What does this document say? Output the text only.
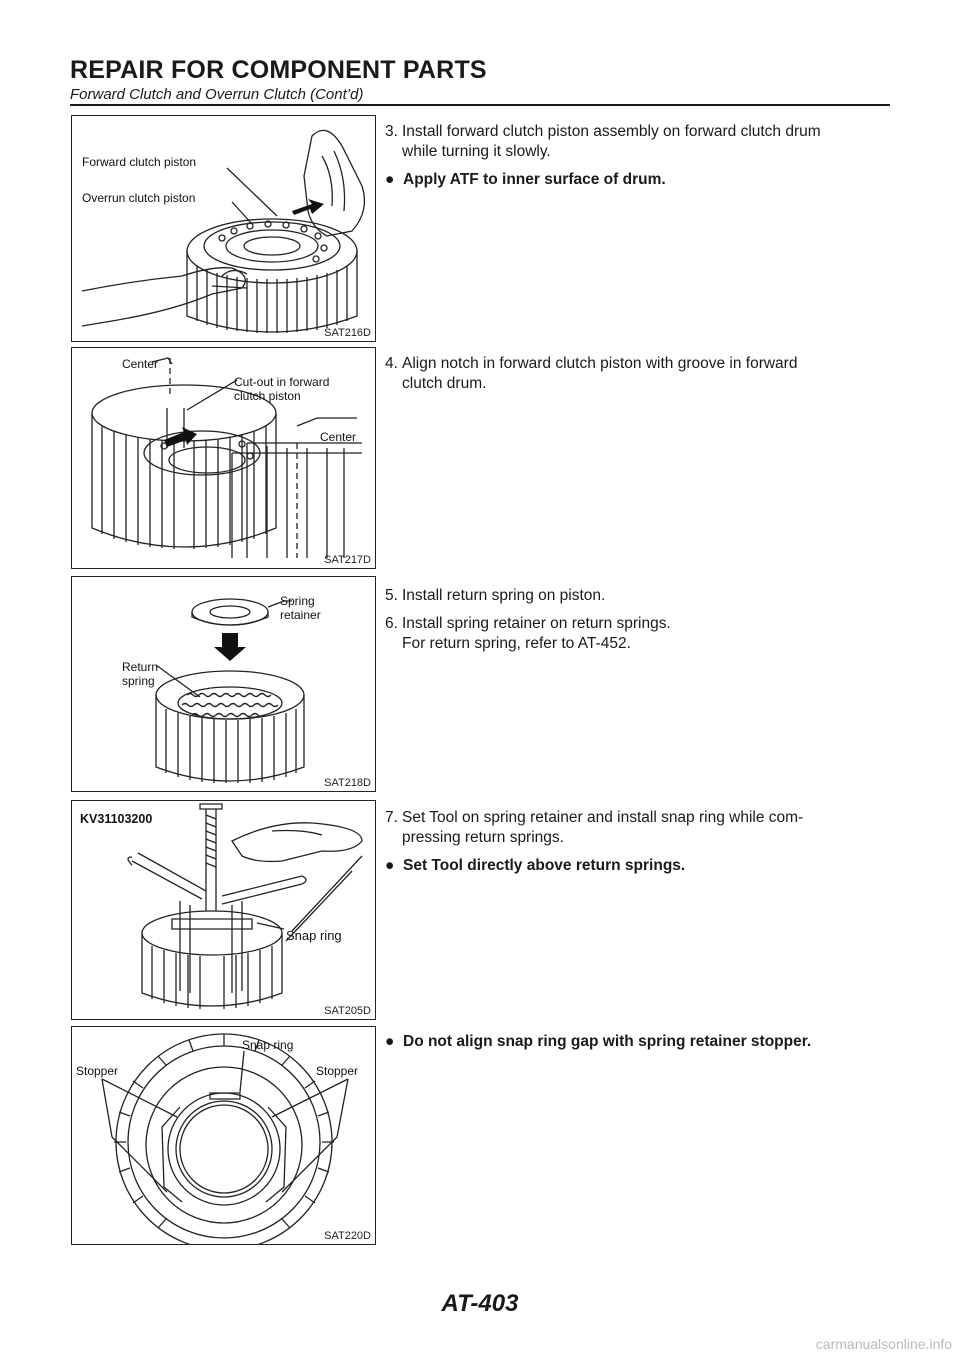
REPAIR FOR COMPONENT PARTS
Forward Clutch and Overrun Clutch (Cont’d)
Forward clutch piston
Overrun clutch piston
SAT216D
Center
Cut-out in forward
clutch piston
Center
SAT217D
Spring
retainer
Return
spring
SAT218D
KV31103200
Snap ring
SAT205D
Snap ring
Stopper	Stopper
SAT220D
3. Install forward clutch piston assembly on forward clutch drum
while turning it slowly.
● Apply ATF to inner surface of drum.
4. Align notch in forward clutch piston with groove in forward
clutch drum.
5. Install return spring on piston.
6. Install spring retainer on return springs.
For return spring, refer to AT-452.
7. Set Tool on spring retainer and install snap ring while com-
pressing return springs.
● Set Tool directly above return springs.
● Do not align snap ring gap with spring retainer stopper.
AT-403
carmanualsonline.info
